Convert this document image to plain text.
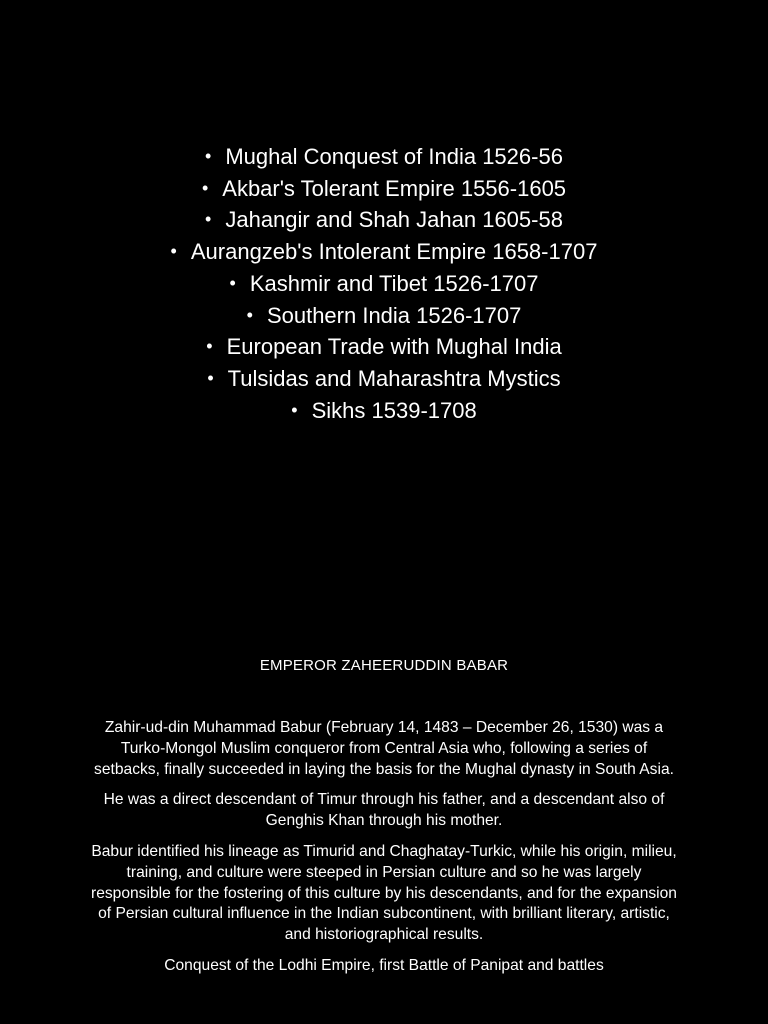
• Mughal Conquest of India 1526-56
• Akbar's Tolerant Empire 1556-1605
• Jahangir and Shah Jahan 1605-58
• Aurangzeb's Intolerant Empire 1658-1707
• Kashmir and Tibet 1526-1707
• Southern India 1526-1707
• European Trade with Mughal India
• Tulsidas and Maharashtra Mystics
• Sikhs 1539-1708
EMPEROR ZAHEERUDDIN BABAR

Zahir-ud-din Muhammad Babur (February 14, 1483 – December 26, 1530) was a Turko-Mongol Muslim conqueror from Central Asia who, following a series of setbacks, finally succeeded in laying the basis for the Mughal dynasty in South Asia.

He was a direct descendant of Timur through his father, and a descendant also of Genghis Khan through his mother.

Babur identified his lineage as Timurid and Chaghatay-Turkic, while his origin, milieu, training, and culture were steeped in Persian culture and so he was largely responsible for the fostering of this culture by his descendants, and for the expansion of Persian cultural influence in the Indian subcontinent, with brilliant literary, artistic, and historiographical results.

Conquest of the Lodhi Empire, first Battle of Panipat and battles
